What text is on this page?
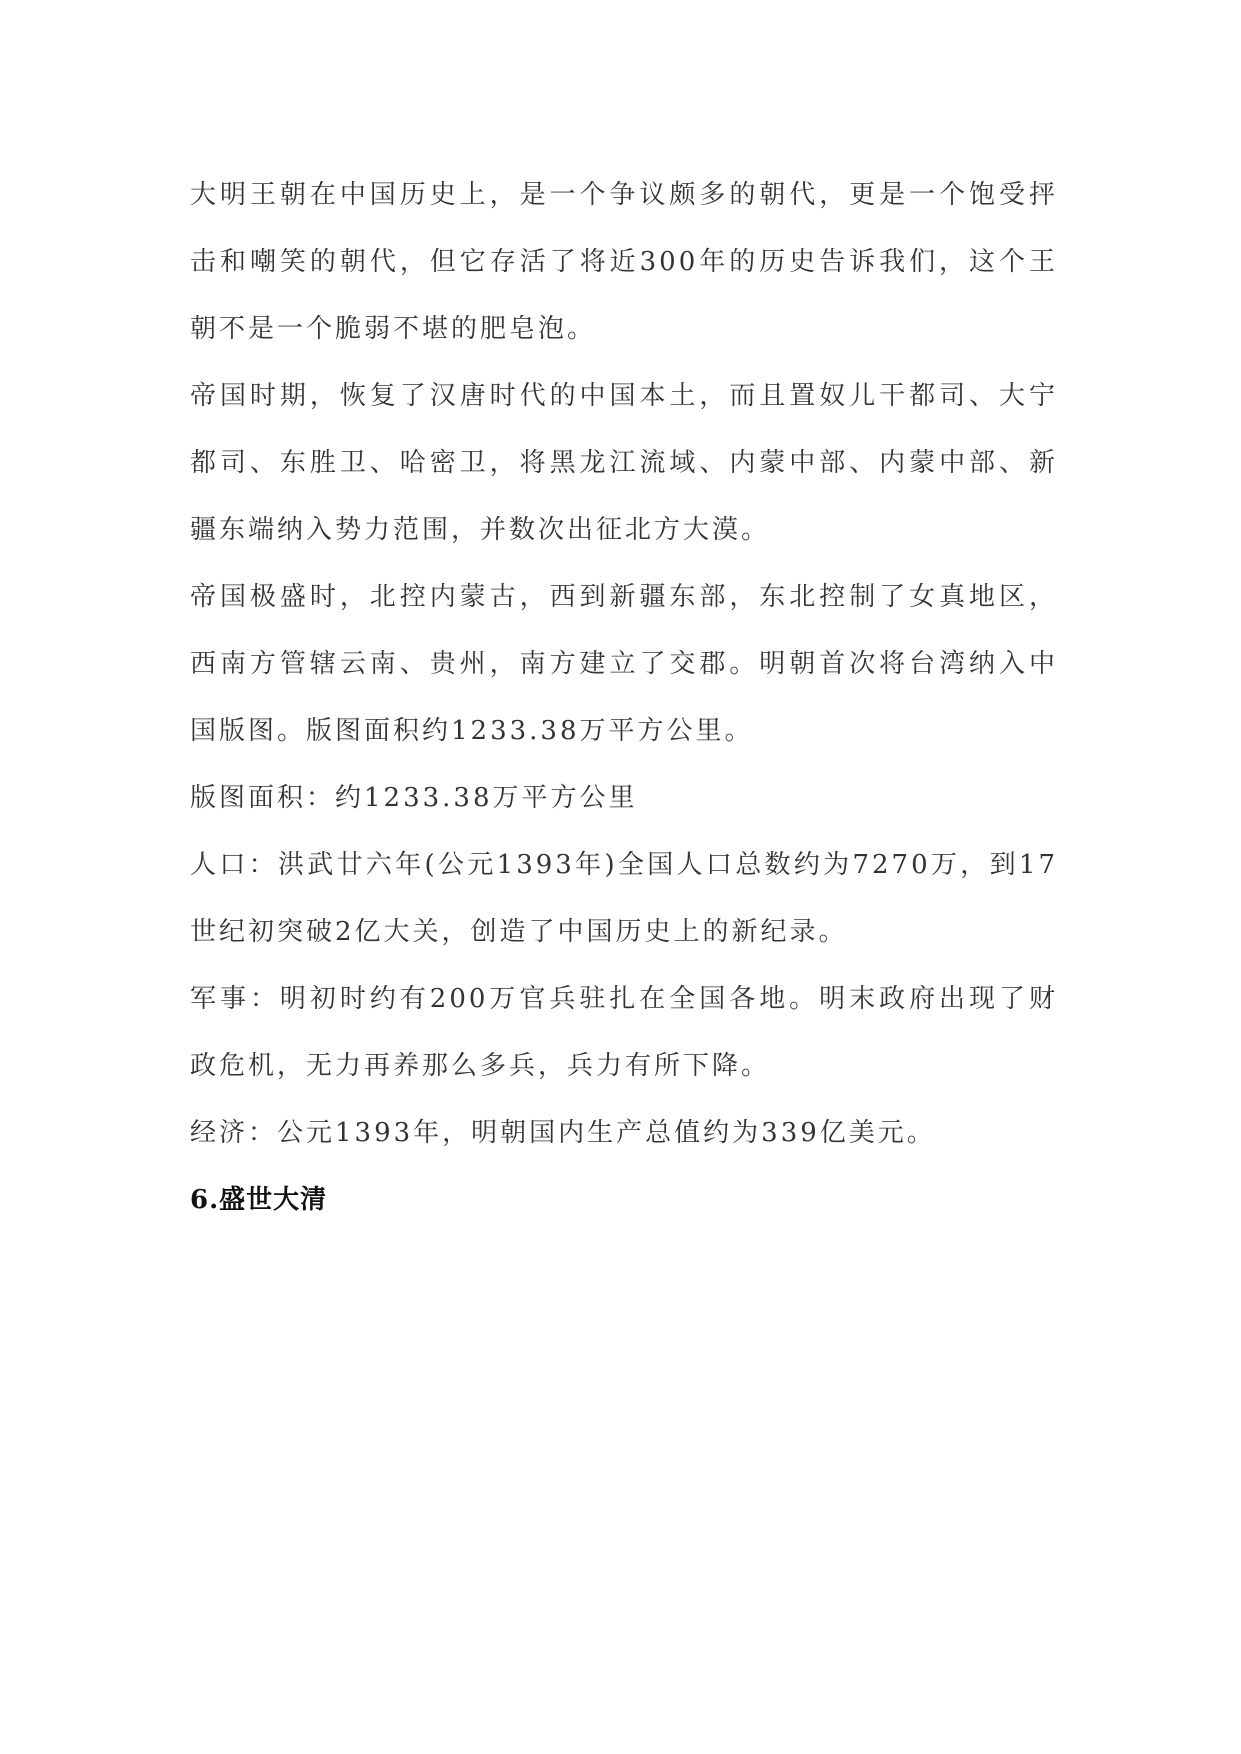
大明王朝在中国历史上，是一个争议颇多的朝代，更是一个饱受抨击和嘲笑的朝代，但它存活了将近300年的历史告诉我们，这个王朝不是一个脆弱不堪的肥皂泡。

帝国时期，恢复了汉唐时代的中国本土，而且置奴儿干都司、大宁都司、东胜卫、哈密卫，将黑龙江流域、内蒙中部、内蒙中部、新疆东端纳入势力范围，并数次出征北方大漠。

帝国极盛时，北控内蒙古，西到新疆东部，东北控制了女真地区，西南方管辖云南、贵州，南方建立了交郡。明朝首次将台湾纳入中国版图。版图面积约1233.38万平方公里。

版图面积：约1233.38万平方公里

人口：洪武廿六年(公元1393年)全国人口总数约为7270万，到17世纪初突破2亿大关，创造了中国历史上的新纪录。

军事：明初时约有200万官兵驻扎在全国各地。明末政府出现了财政危机，无力再养那么多兵，兵力有所下降。

经济：公元1393年，明朝国内生产总值约为339亿美元。

6.盛世大清
